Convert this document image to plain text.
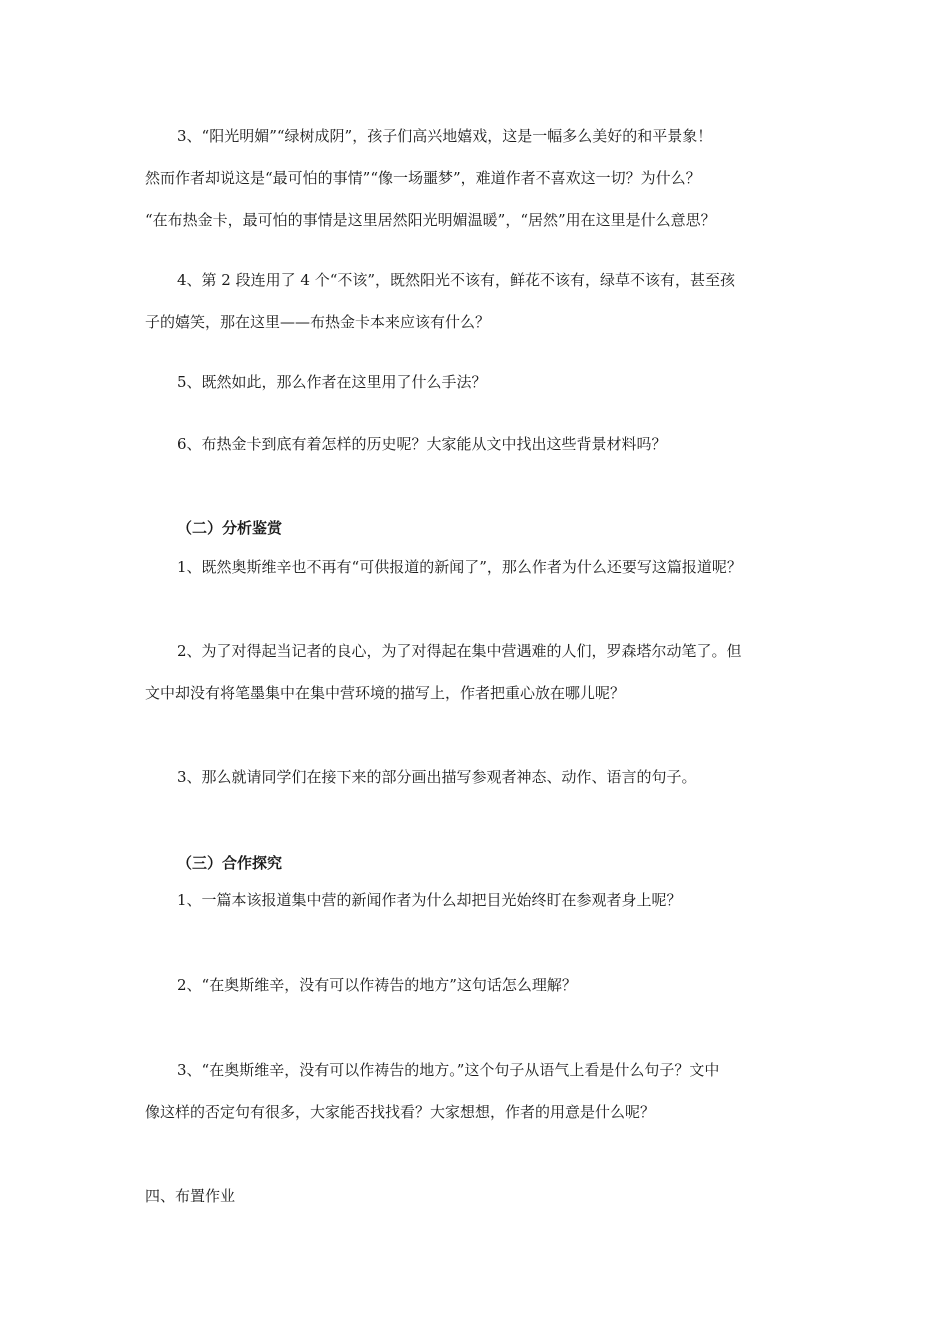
3、“阳光明媚”“绿树成阴”，孩子们高兴地嬉戏，这是一幅多么美好的和平景象！
然而作者却说这是“最可怕的事情”“像一场噩梦”，难道作者不喜欢这一切？为什么？
“在布热金卡，最可怕的事情是这里居然阳光明媚温暖”，“居然”用在这里是什么意思？
4、第 2 段连用了 4 个“不该”，既然阳光不该有，鲜花不该有，绿草不该有，甚至孩
子的嬉笑，那在这里——布热金卡本来应该有什么？
5、既然如此，那么作者在这里用了什么手法？
6、布热金卡到底有着怎样的历史呢？大家能从文中找出这些背景材料吗？
（二）分析鉴赏
1、既然奥斯维辛也不再有“可供报道的新闻了”，那么作者为什么还要写这篇报道呢？
2、为了对得起当记者的良心，为了对得起在集中营遇难的人们，罗森塔尔动笔了。但
文中却没有将笔墨集中在集中营环境的描写上，作者把重心放在哪儿呢？
3、那么就请同学们在接下来的部分画出描写参观者神态、动作、语言的句子。
（三）合作探究
1、一篇本该报道集中营的新闻作者为什么却把目光始终盯在参观者身上呢？
2、“在奥斯维辛，没有可以作祷告的地方”这句话怎么理解？
3、“在奥斯维辛，没有可以作祷告的地方。”这个句子从语气上看是什么句子？文中
像这样的否定句有很多，大家能否找找看？大家想想，作者的用意是什么呢？
四、布置作业
